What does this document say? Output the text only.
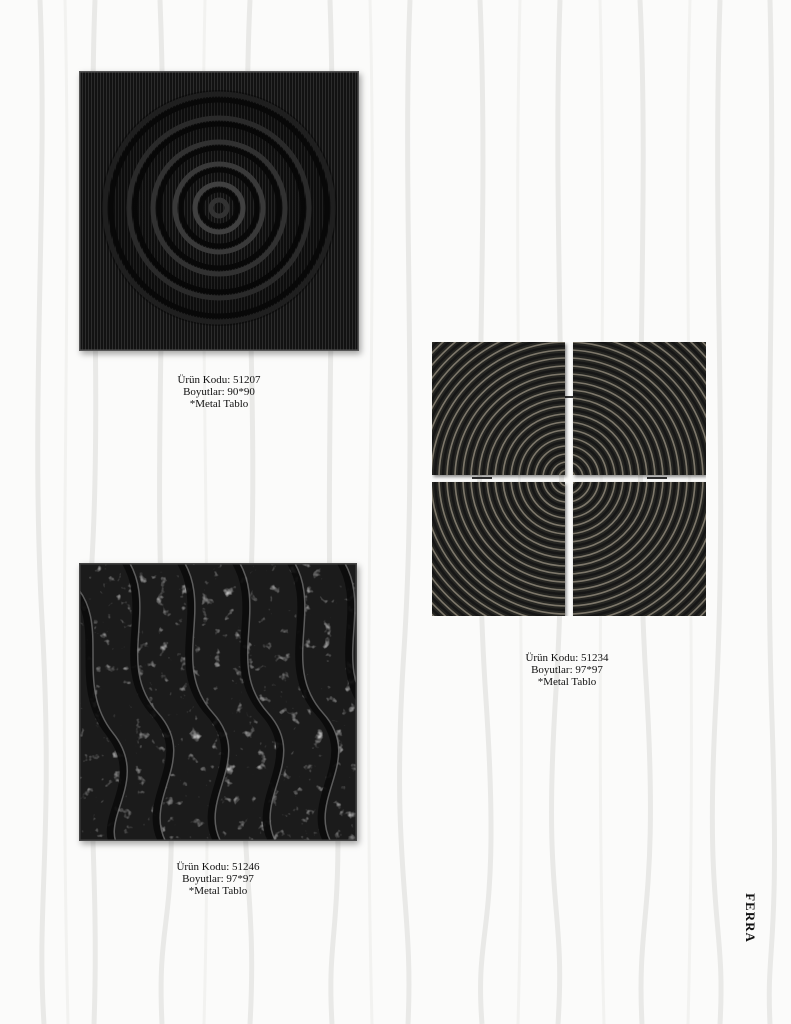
Ürün Kodu: 51207
Boyutlar: 90*90
*Metal Tablo
Ürün Kodu: 51234
Boyutlar: 97*97
*Metal Tablo
Ürün Kodu: 51246
Boyutlar: 97*97
*Metal Tablo
FERRA
